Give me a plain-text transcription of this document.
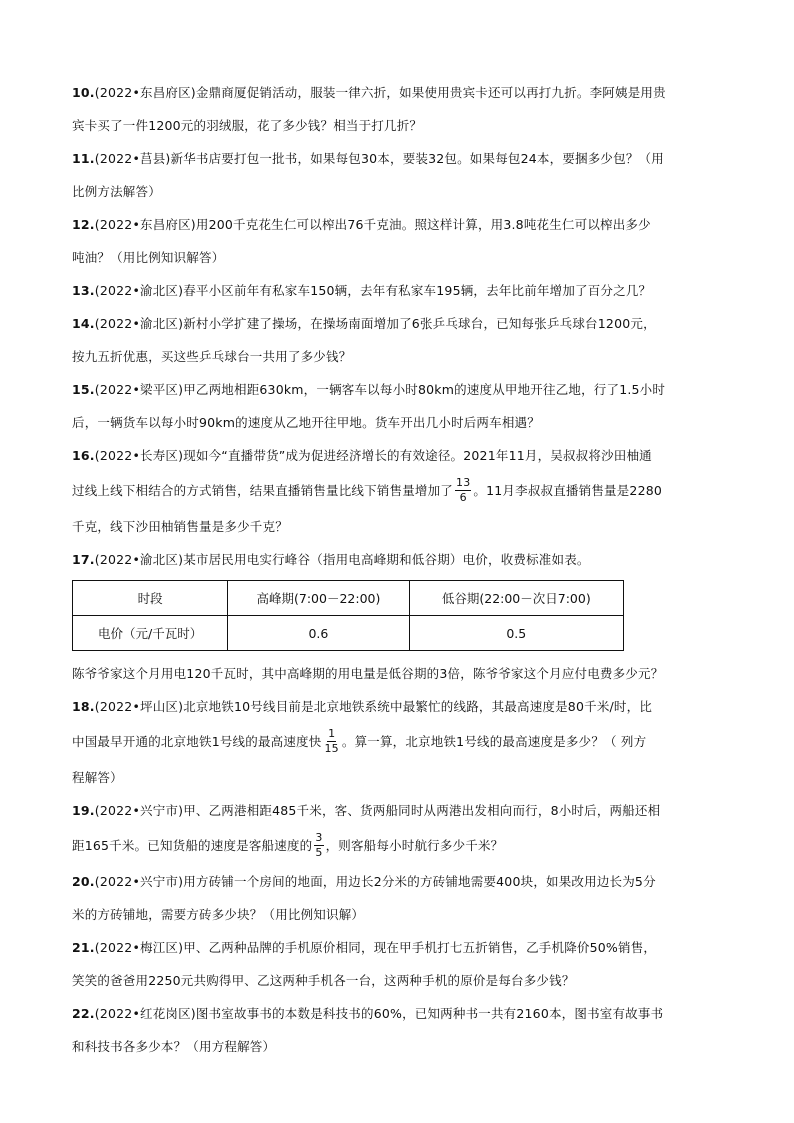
10.(2022•东昌府区)金鼎商厦促销活动，服装一律六折，如果使用贵宾卡还可以再打九折。李阿姨是用贵

宾卡买了一件1200元的羽绒服，花了多少钱？相当于打几折？

11.(2022•莒县)新华书店要打包一批书，如果每包30本，要装32包。如果每包24本，要捆多少包？（用

比例方法解答）

12.(2022•东昌府区)用200千克花生仁可以榨出76千克油。照这样计算，用3.8吨花生仁可以榨出多少

吨油？（用比例知识解答）

13.(2022•渝北区)春平小区前年有私家车150辆，去年有私家车195辆，去年比前年增加了百分之几？

14.(2022•渝北区)新村小学扩建了操场，在操场南面增加了6张乒乓球台，已知每张乒乓球台1200元，

按九五折优惠，买这些乒乓球台一共用了多少钱？

15.(2022•梁平区)甲乙两地相距630km，一辆客车以每小时80km的速度从甲地开往乙地，行了1.5小时

后，一辆货车以每小时90km的速度从乙地开往甲地。货车开出几小时后两车相遇？

16.(2022•长寿区)现如今“直播带货”成为促进经济增长的有效途径。2021年11月，吴叔叔将沙田柚通

过线上线下相结合的方式销售，结果直播销售量比线下销售量增加了 $\frac{13}{6}$ 。11月李叔叔直播销售量是2280

千克，线下沙田柚销售量是多少千克？

17.(2022•渝北区)某市居民用电实行峰谷（指用电高峰期和低谷期）电价，收费标准如表。

时段	高峰期(7:00－22:00)	低谷期(22:00－次日7:00)
电价（元/千瓦时）	0.6	0.5

陈爷爷家这个月用电120千瓦时，其中高峰期的用电量是低谷期的3倍，陈爷爷家这个月应付电费多少元？

18.(2022•坪山区)北京地铁10号线目前是北京地铁系统中最繁忙的线路，其最高速度是80千米/时，比

中国最早开通的北京地铁1号线的最高速度快 $\frac{1}{15}$ 。算一算，北京地铁1号线的最高速度是多少？（ 列方

程解答）

19.(2022•兴宁市)甲、乙两港相距485千米，客、货两船同时从两港出发相向而行，8小时后，两船还相

距165千米。已知货船的速度是客船速度的 $\frac{3}{5}$ ，则客船每小时航行多少千米？

20.(2022•兴宁市)用方砖铺一个房间的地面，用边长2分米的方砖铺地需要400块，如果改用边长为5分

米的方砖铺地，需要方砖多少块？（用比例知识解）

21.(2022•梅江区)甲、乙两种品牌的手机原价相同，现在甲手机打七五折销售，乙手机降价50%销售，

笑笑的爸爸用2250元共购得甲、乙这两种手机各一台，这两种手机的原价是每台多少钱？

22.(2022•红花岗区)图书室故事书的本数是科技书的60%，已知两种书一共有2160本，图书室有故事书

和科技书各多少本？（用方程解答）
